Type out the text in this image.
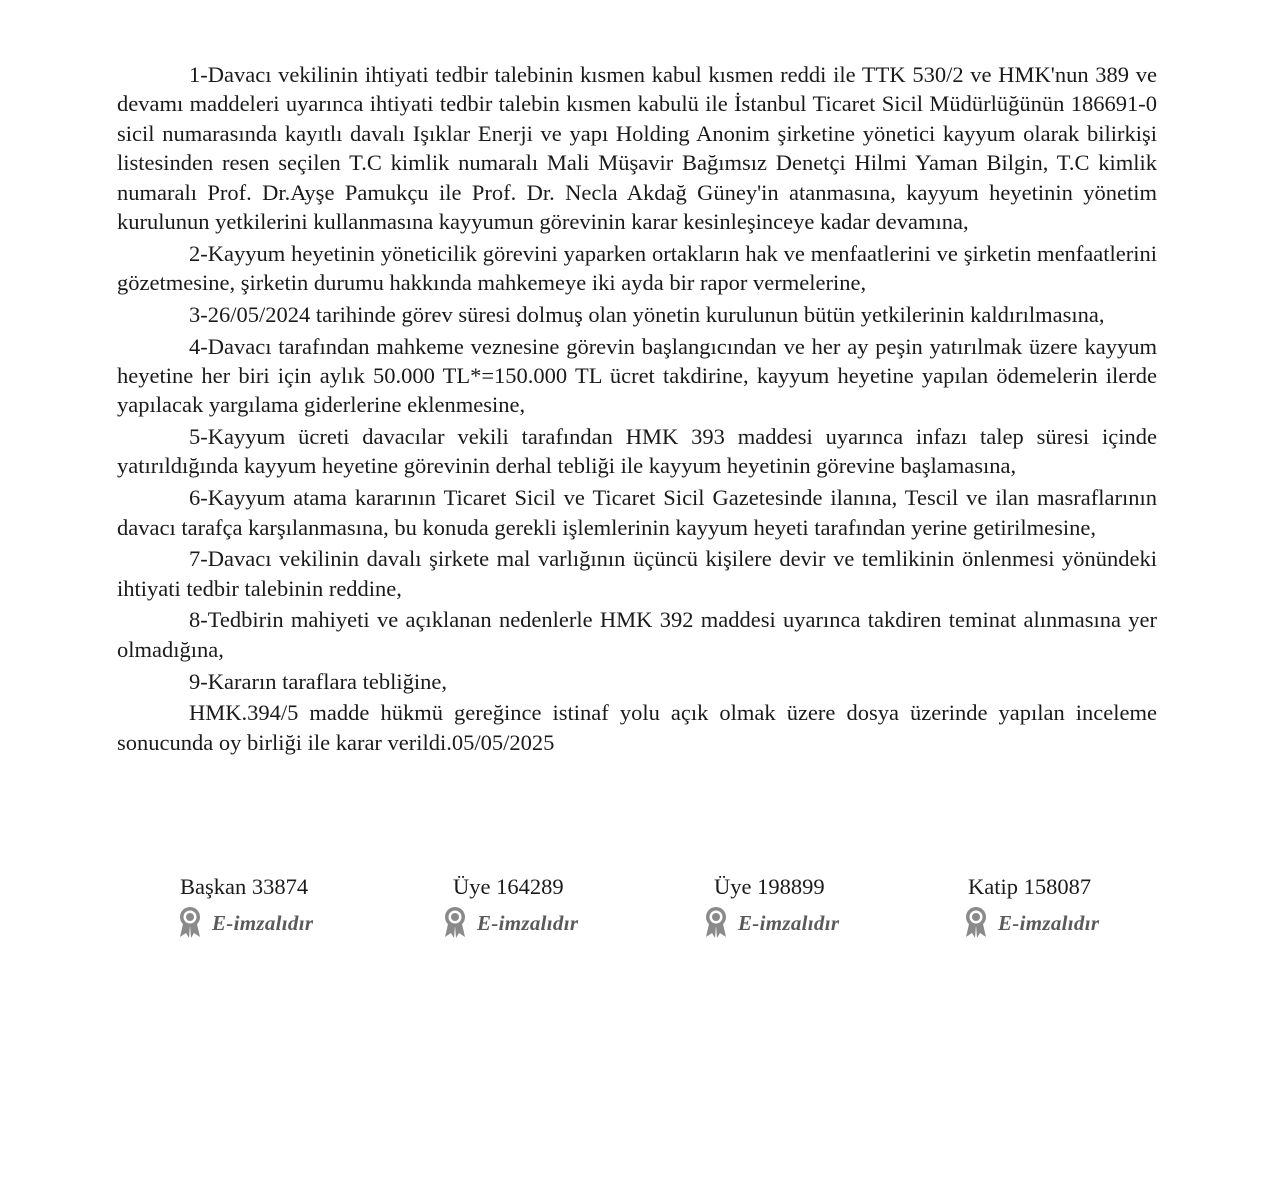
1-Davacı vekilinin ihtiyati tedbir talebinin kısmen kabul kısmen reddi ile TTK 530/2 ve HMK'nun 389 ve devamı maddeleri uyarınca ihtiyati tedbir talebin kısmen kabulü ile İstanbul Ticaret Sicil Müdürlüğünün 186691-0 sicil numarasında kayıtlı davalı Işıklar Enerji ve yapı Holding Anonim şirketine yönetici kayyum olarak bilirkişi listesinden resen seçilen T.C kimlik numaralı Mali Müşavir Bağımsız Denetçi Hilmi Yaman Bilgin, T.C kimlik numaralı Prof. Dr.Ayşe Pamukçu ile Prof. Dr. Necla Akdağ Güney'in atanmasına, kayyum heyetinin yönetim kurulunun yetkilerini kullanmasına kayyumun görevinin karar kesinleşinceye kadar devamına,

2-Kayyum heyetinin yöneticilik görevini yaparken ortakların hak ve menfaatlerini ve şirketin menfaatlerini gözetmesine, şirketin durumu hakkında mahkemeye iki ayda bir rapor vermelerine,

3-26/05/2024 tarihinde görev süresi dolmuş olan yönetin kurulunun bütün yetkilerinin kaldırılmasına,

4-Davacı tarafından mahkeme veznesine görevin başlangıcından ve her ay peşin yatırılmak üzere kayyum heyetine her biri için aylık 50.000 TL*=150.000 TL ücret takdirine, kayyum heyetine yapılan ödemelerin ilerde yapılacak yargılama giderlerine eklenmesine,

5-Kayyum ücreti davacılar vekili tarafından HMK 393 maddesi uyarınca infazı talep süresi içinde yatırıldığında kayyum heyetine görevinin derhal tebliği ile kayyum heyetinin görevine başlamasına,

6-Kayyum atama kararının Ticaret Sicil ve Ticaret Sicil Gazetesinde ilanına, Tescil ve ilan masraflarının davacı tarafça karşılanmasına, bu konuda gerekli işlemlerinin kayyum heyeti tarafından yerine getirilmesine,

7-Davacı vekilinin davalı şirkete mal varlığının üçüncü kişilere devir ve temlikinin önlenmesi yönündeki ihtiyati tedbir talebinin reddine,

8-Tedbirin mahiyeti ve açıklanan nedenlerle HMK 392 maddesi uyarınca takdiren teminat alınmasına yer olmadığına,

9-Kararın taraflara tebliğine,

HMK.394/5 madde hükmü gereğince istinaf yolu açık olmak üzere dosya üzerinde yapılan inceleme sonucunda oy birliği ile karar verildi.05/05/2025

Başkan 33874
E-imzalıdır
Üye 164289
E-imzalıdır
Üye 198899
E-imzalıdır
Katip 158087
E-imzalıdır
